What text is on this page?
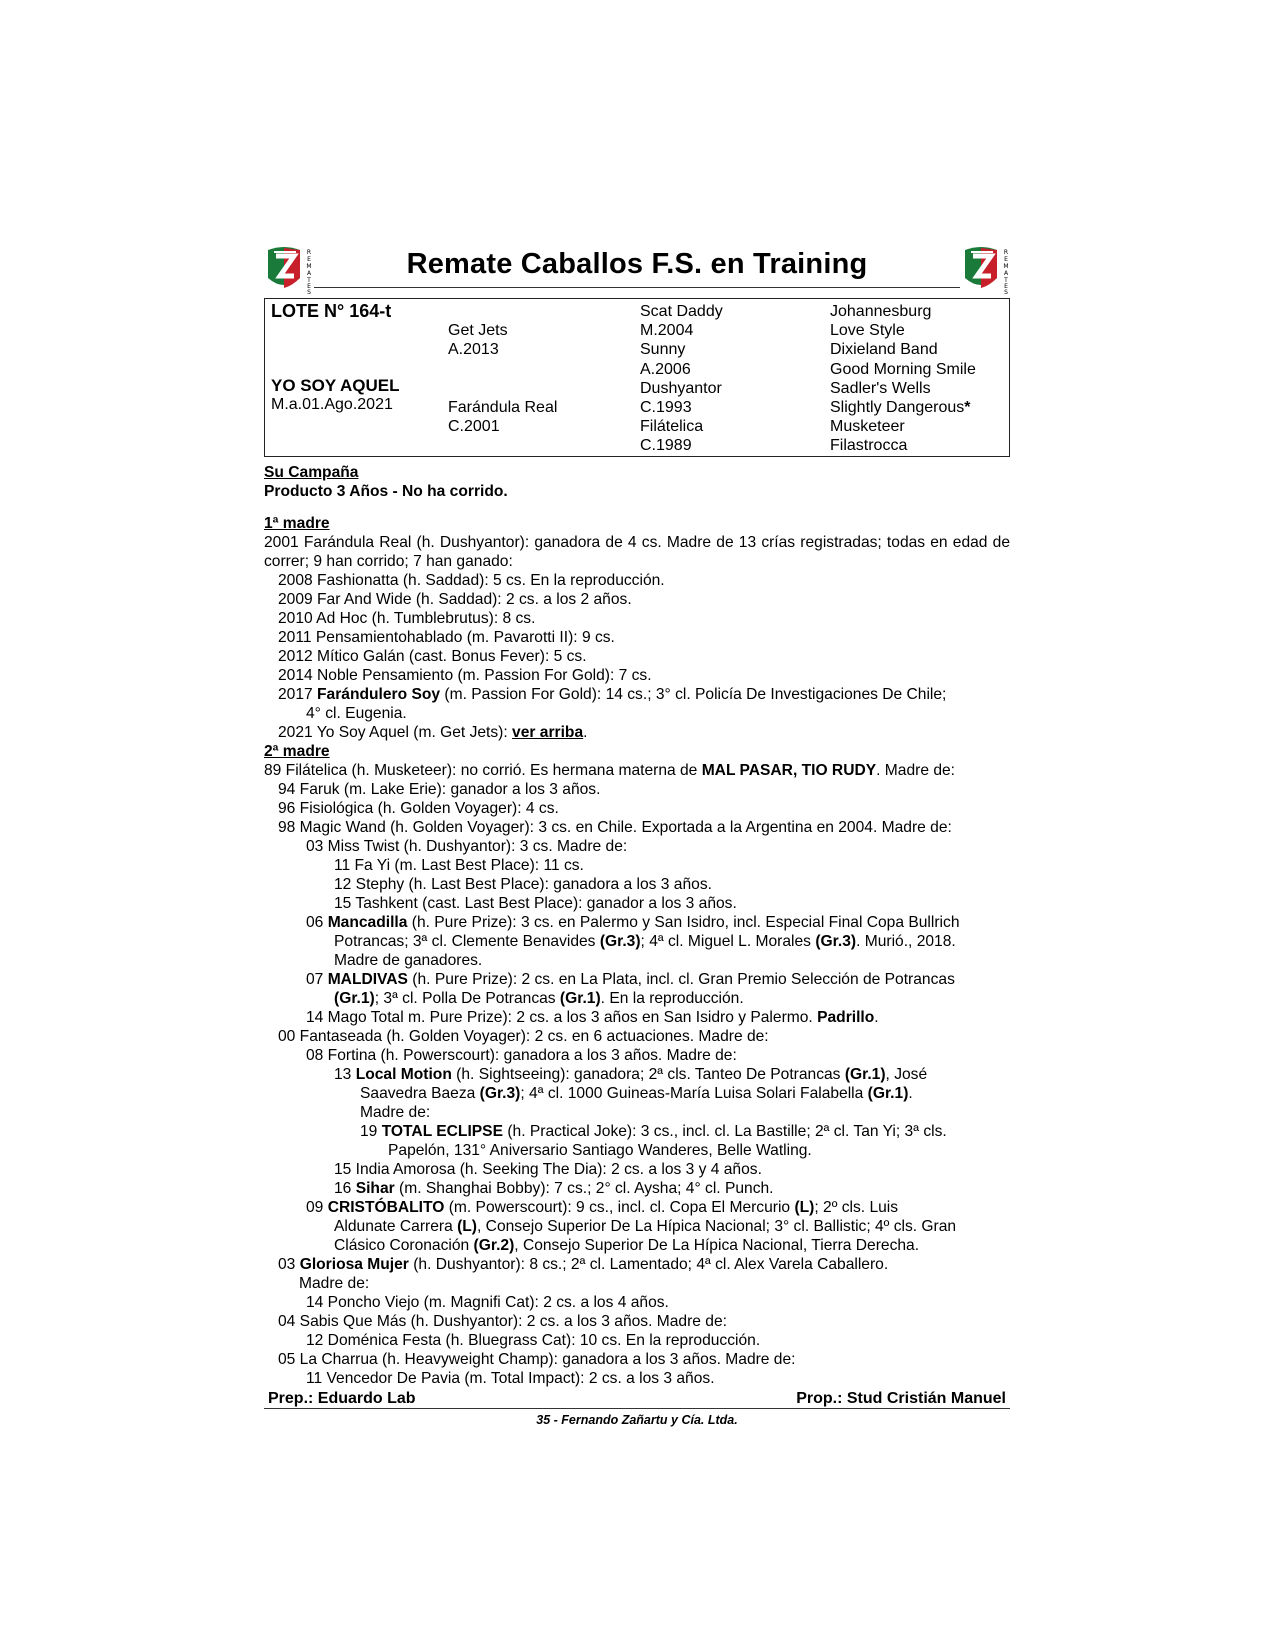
R
E
M
A
T
E
S
Remate Caballos F.S. en Training	R
E
M
A
T
E
S
LOTE N° 164-t
YO SOY AQUEL
M.a.01.Ago.2021

Get Jets
A.2013

Farándula Real
C.2001
Scat Daddy
M.2004
Sunny
A.2006
Dushyantor
C.1993
Filátelica
C.1989
Johannesburg
Love Style
Dixieland Band
Good Morning Smile
Sadler's Wells
Slightly Dangerous*
Musketeer
Filastrocca
Su Campaña
Producto 3 Años - No ha corrido.
1ª madre
2001 Farándula Real (h. Dushyantor): ganadora de 4 cs. Madre de 13 crías registradas; todas en edad de correr; 9 han corrido; 7 han ganado:
2008 Fashionatta (h. Saddad): 5 cs. En la reproducción.
2009 Far And Wide (h. Saddad): 2 cs. a los 2 años.
2010 Ad Hoc (h. Tumblebrutus): 8 cs.
2011 Pensamientohablado (m. Pavarotti II): 9 cs.
2012 Mítico Galán (cast. Bonus Fever): 5 cs.
2014 Noble Pensamiento (m. Passion For Gold): 7 cs.
2017 Farándulero Soy (m. Passion For Gold): 14 cs.; 3° cl. Policía De Investigaciones De Chile;
4° cl. Eugenia.
2021 Yo Soy Aquel (m. Get Jets): ver arriba.
2ª madre
89 Filátelica (h. Musketeer): no corrió. Es hermana materna de MAL PASAR, TIO RUDY. Madre de:
94 Faruk (m. Lake Erie): ganador a los 3 años.
96 Fisiológica (h. Golden Voyager): 4 cs.
98 Magic Wand (h. Golden Voyager): 3 cs. en Chile. Exportada a la Argentina en 2004. Madre de:
03 Miss Twist (h. Dushyantor): 3 cs. Madre de:
11 Fa Yi (m. Last Best Place): 11 cs.
12 Stephy (h. Last Best Place): ganadora a los 3 años.
15 Tashkent (cast. Last Best Place): ganador a los 3 años.
06 Mancadilla (h. Pure Prize): 3 cs. en Palermo y San Isidro, incl. Especial Final Copa Bullrich
Potrancas; 3ª cl. Clemente Benavides (Gr.3); 4ª cl. Miguel L. Morales (Gr.3). Murió., 2018.
Madre de ganadores.
07 MALDIVAS (h. Pure Prize): 2 cs. en La Plata, incl. cl. Gran Premio Selección de Potrancas
(Gr.1); 3ª cl. Polla De Potrancas (Gr.1). En la reproducción.
14 Mago Total m. Pure Prize): 2 cs. a los 3 años en San Isidro y Palermo. Padrillo.
00 Fantaseada (h. Golden Voyager): 2 cs. en 6 actuaciones. Madre de:
08 Fortina (h. Powerscourt): ganadora a los 3 años. Madre de:
13 Local Motion (h. Sightseeing): ganadora; 2ª cls. Tanteo De Potrancas (Gr.1), José
Saavedra Baeza (Gr.3); 4ª cl. 1000 Guineas-María Luisa Solari Falabella (Gr.1).
Madre de:
19 TOTAL ECLIPSE (h. Practical Joke): 3 cs., incl. cl. La Bastille; 2ª cl. Tan Yi; 3ª cls.
Papelón, 131° Aniversario Santiago Wanderes, Belle Watling.
15 India Amorosa (h. Seeking The Dia): 2 cs. a los 3 y 4 años.
16 Sihar (m. Shanghai Bobby): 7 cs.; 2° cl. Aysha; 4° cl. Punch.
09 CRISTÓBALITO (m. Powerscourt): 9 cs., incl. cl. Copa El Mercurio (L); 2º cls. Luis
Aldunate Carrera (L), Consejo Superior De La Hípica Nacional; 3° cl. Ballistic; 4º cls. Gran
Clásico Coronación (Gr.2), Consejo Superior De La Hípica Nacional, Tierra Derecha.
03 Gloriosa Mujer (h. Dushyantor): 8 cs.; 2ª cl. Lamentado; 4ª cl. Alex Varela Caballero.
Madre de:
14 Poncho Viejo (m. Magnifi Cat): 2 cs. a los 4 años.
04 Sabis Que Más (h. Dushyantor): 2 cs. a los 3 años. Madre de:
12 Doménica Festa (h. Bluegrass Cat): 10 cs. En la reproducción.
05 La Charrua (h. Heavyweight Champ): ganadora a los 3 años. Madre de:
11 Vencedor De Pavia (m. Total Impact): 2 cs. a los 3 años.
Prep.: Eduardo Lab	Prop.: Stud Cristián Manuel
35 - Fernando Zañartu y Cía. Ltda.
